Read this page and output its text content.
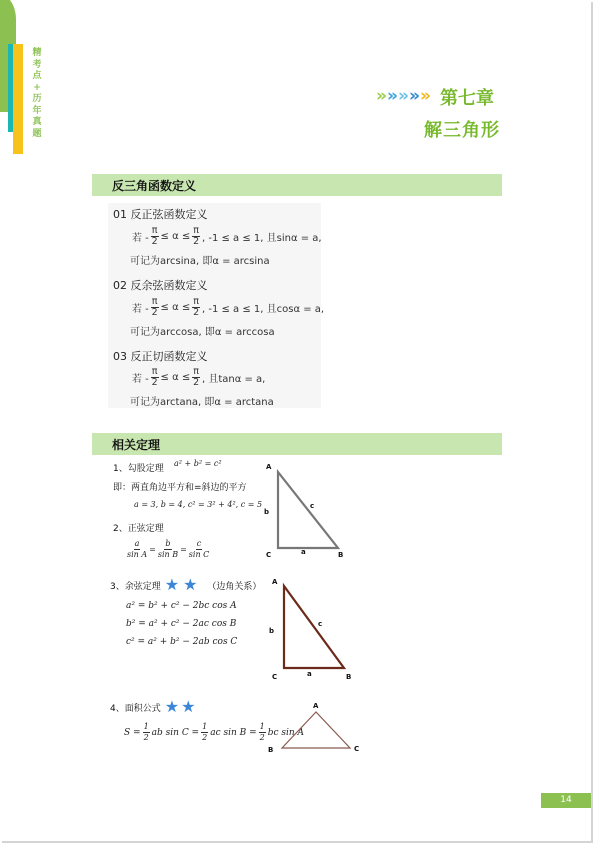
精
考
点
+
历
年
真
题
» » » » » 第七章
解三角形
反三角函数定义
01 反正弦函数定义
若 - $\frac{\pi}{2} \le \alpha \le \frac{\pi}{2}$ , -1 ≤ a ≤ 1, 且sinα = a,
可记为arcsina, 即α = arcsina
02 反余弦函数定义
若 - $\frac{\pi}{2} \le \alpha \le \frac{\pi}{2}$ , -1 ≤ a ≤ 1, 且cosα = a,
可记为arccosa, 即α = arccosa
03 反正切函数定义
若 - $\frac{\pi}{2} \le \alpha \le \frac{\pi}{2}$ , 且tanα = a,
可记为arctana, 即α = arctana
相关定理
1、勾股定理
a² + b² = c²
即：两直角边平方和=斜边的平方
a = 3, b = 4, c² = 3² + 4², c = 5
A
C	B
b
c
a
2、正弦定理
$\frac{a}{\text{sin A}} = \frac{b}{\text{sin B}} = \frac{c}{\text{sin C}}$
3、余弦定理 ★ ★ （边角关系）
a² = b² + c² − 2bc cos A
b² = a² + c² − 2ac cos B
c² = a² + b² − 2ab cos C
A
C	B
b
c
a
4、面积公式 ★ ★
$S = \frac{1}{2}$ ab $\sin C = \frac{1}{2}$ ac $\sin B = \frac{1}{2}$ bc sin A
A
B	C
14
